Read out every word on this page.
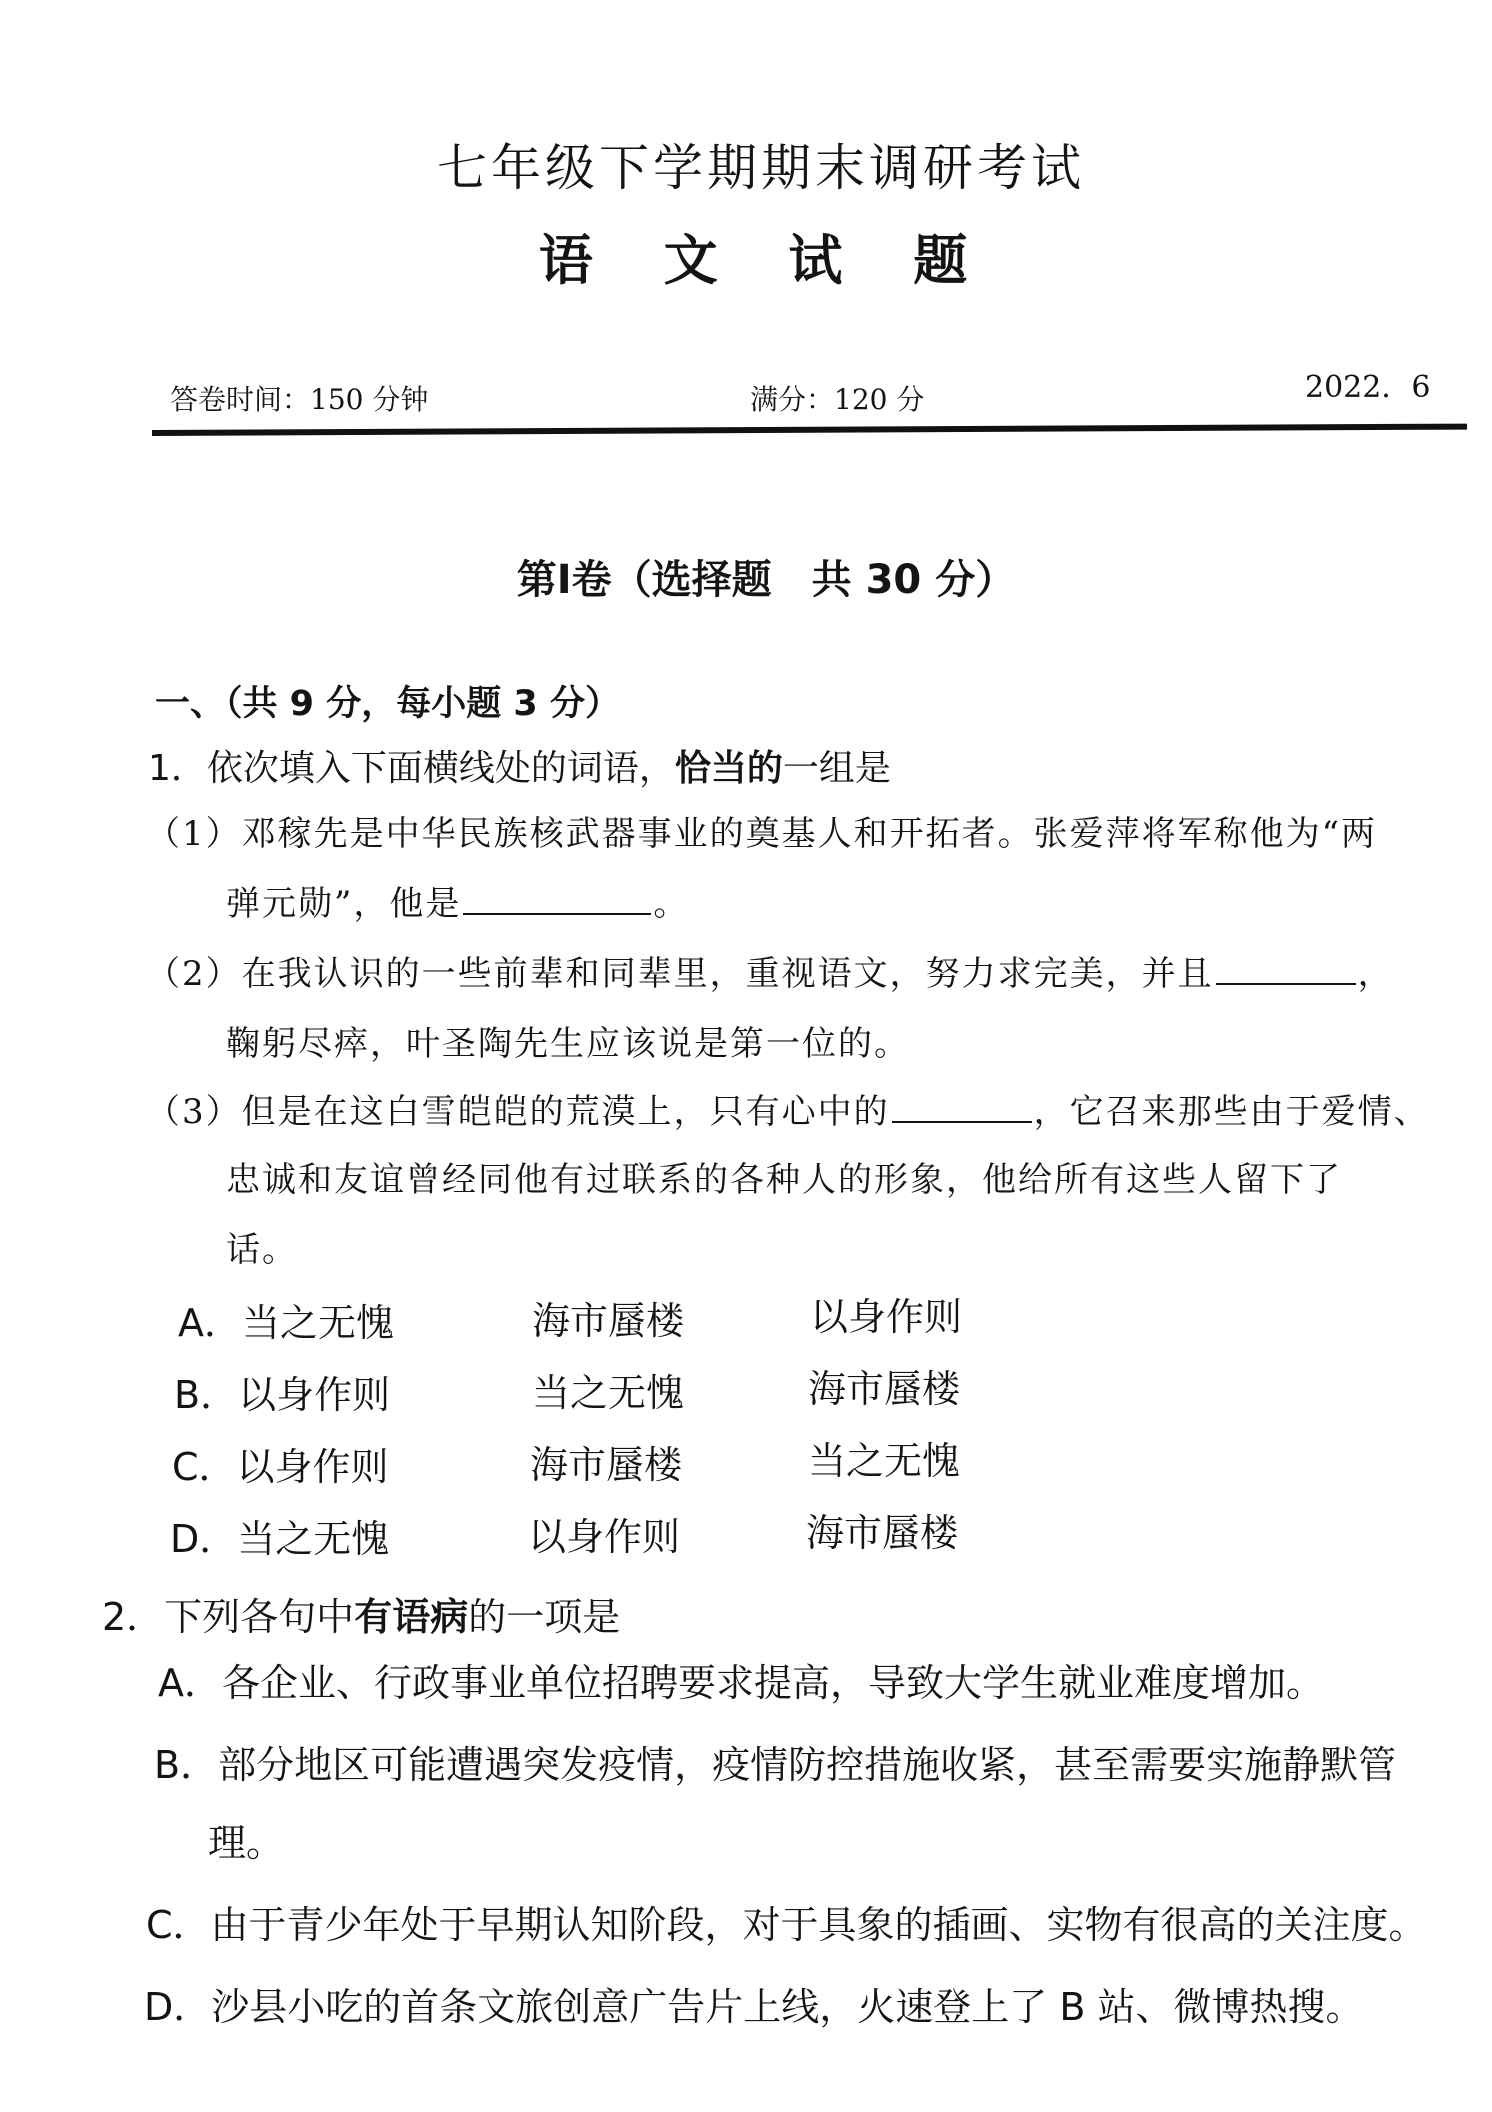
七年级下学期期末调研考试
语 文 试 题
答卷时间：150 分钟	满分：120 分	2022．6
第Ⅰ卷（选择题　共 30 分）
一、（共 9 分，每小题 3 分）
1．依次填入下面横线处的词语，恰当的一组是
（1）邓稼先是中华民族核武器事业的奠基人和开拓者。张爱萍将军称他为“两
弹元勋”，他是	。
（2）在我认识的一些前辈和同辈里，重视语文，努力求完美，并且	，
鞠躬尽瘁，叶圣陶先生应该说是第一位的。
（3）但是在这白雪皑皑的荒漠上，只有心中的	，它召来那些由于爱情、
忠诚和友谊曾经同他有过联系的各种人的形象，他给所有这些人留下了
话。
A．当之无愧	海市蜃楼	以身作则
B．以身作则	当之无愧	海市蜃楼
C．以身作则	海市蜃楼	当之无愧
D．当之无愧	以身作则	海市蜃楼
2．下列各句中有语病的一项是
A．各企业、行政事业单位招聘要求提高，导致大学生就业难度增加。
B．部分地区可能遭遇突发疫情，疫情防控措施收紧，甚至需要实施静默管
理。
C．由于青少年处于早期认知阶段，对于具象的插画、实物有很高的关注度。
D．沙县小吃的首条文旅创意广告片上线，火速登上了 B 站、微博热搜。
